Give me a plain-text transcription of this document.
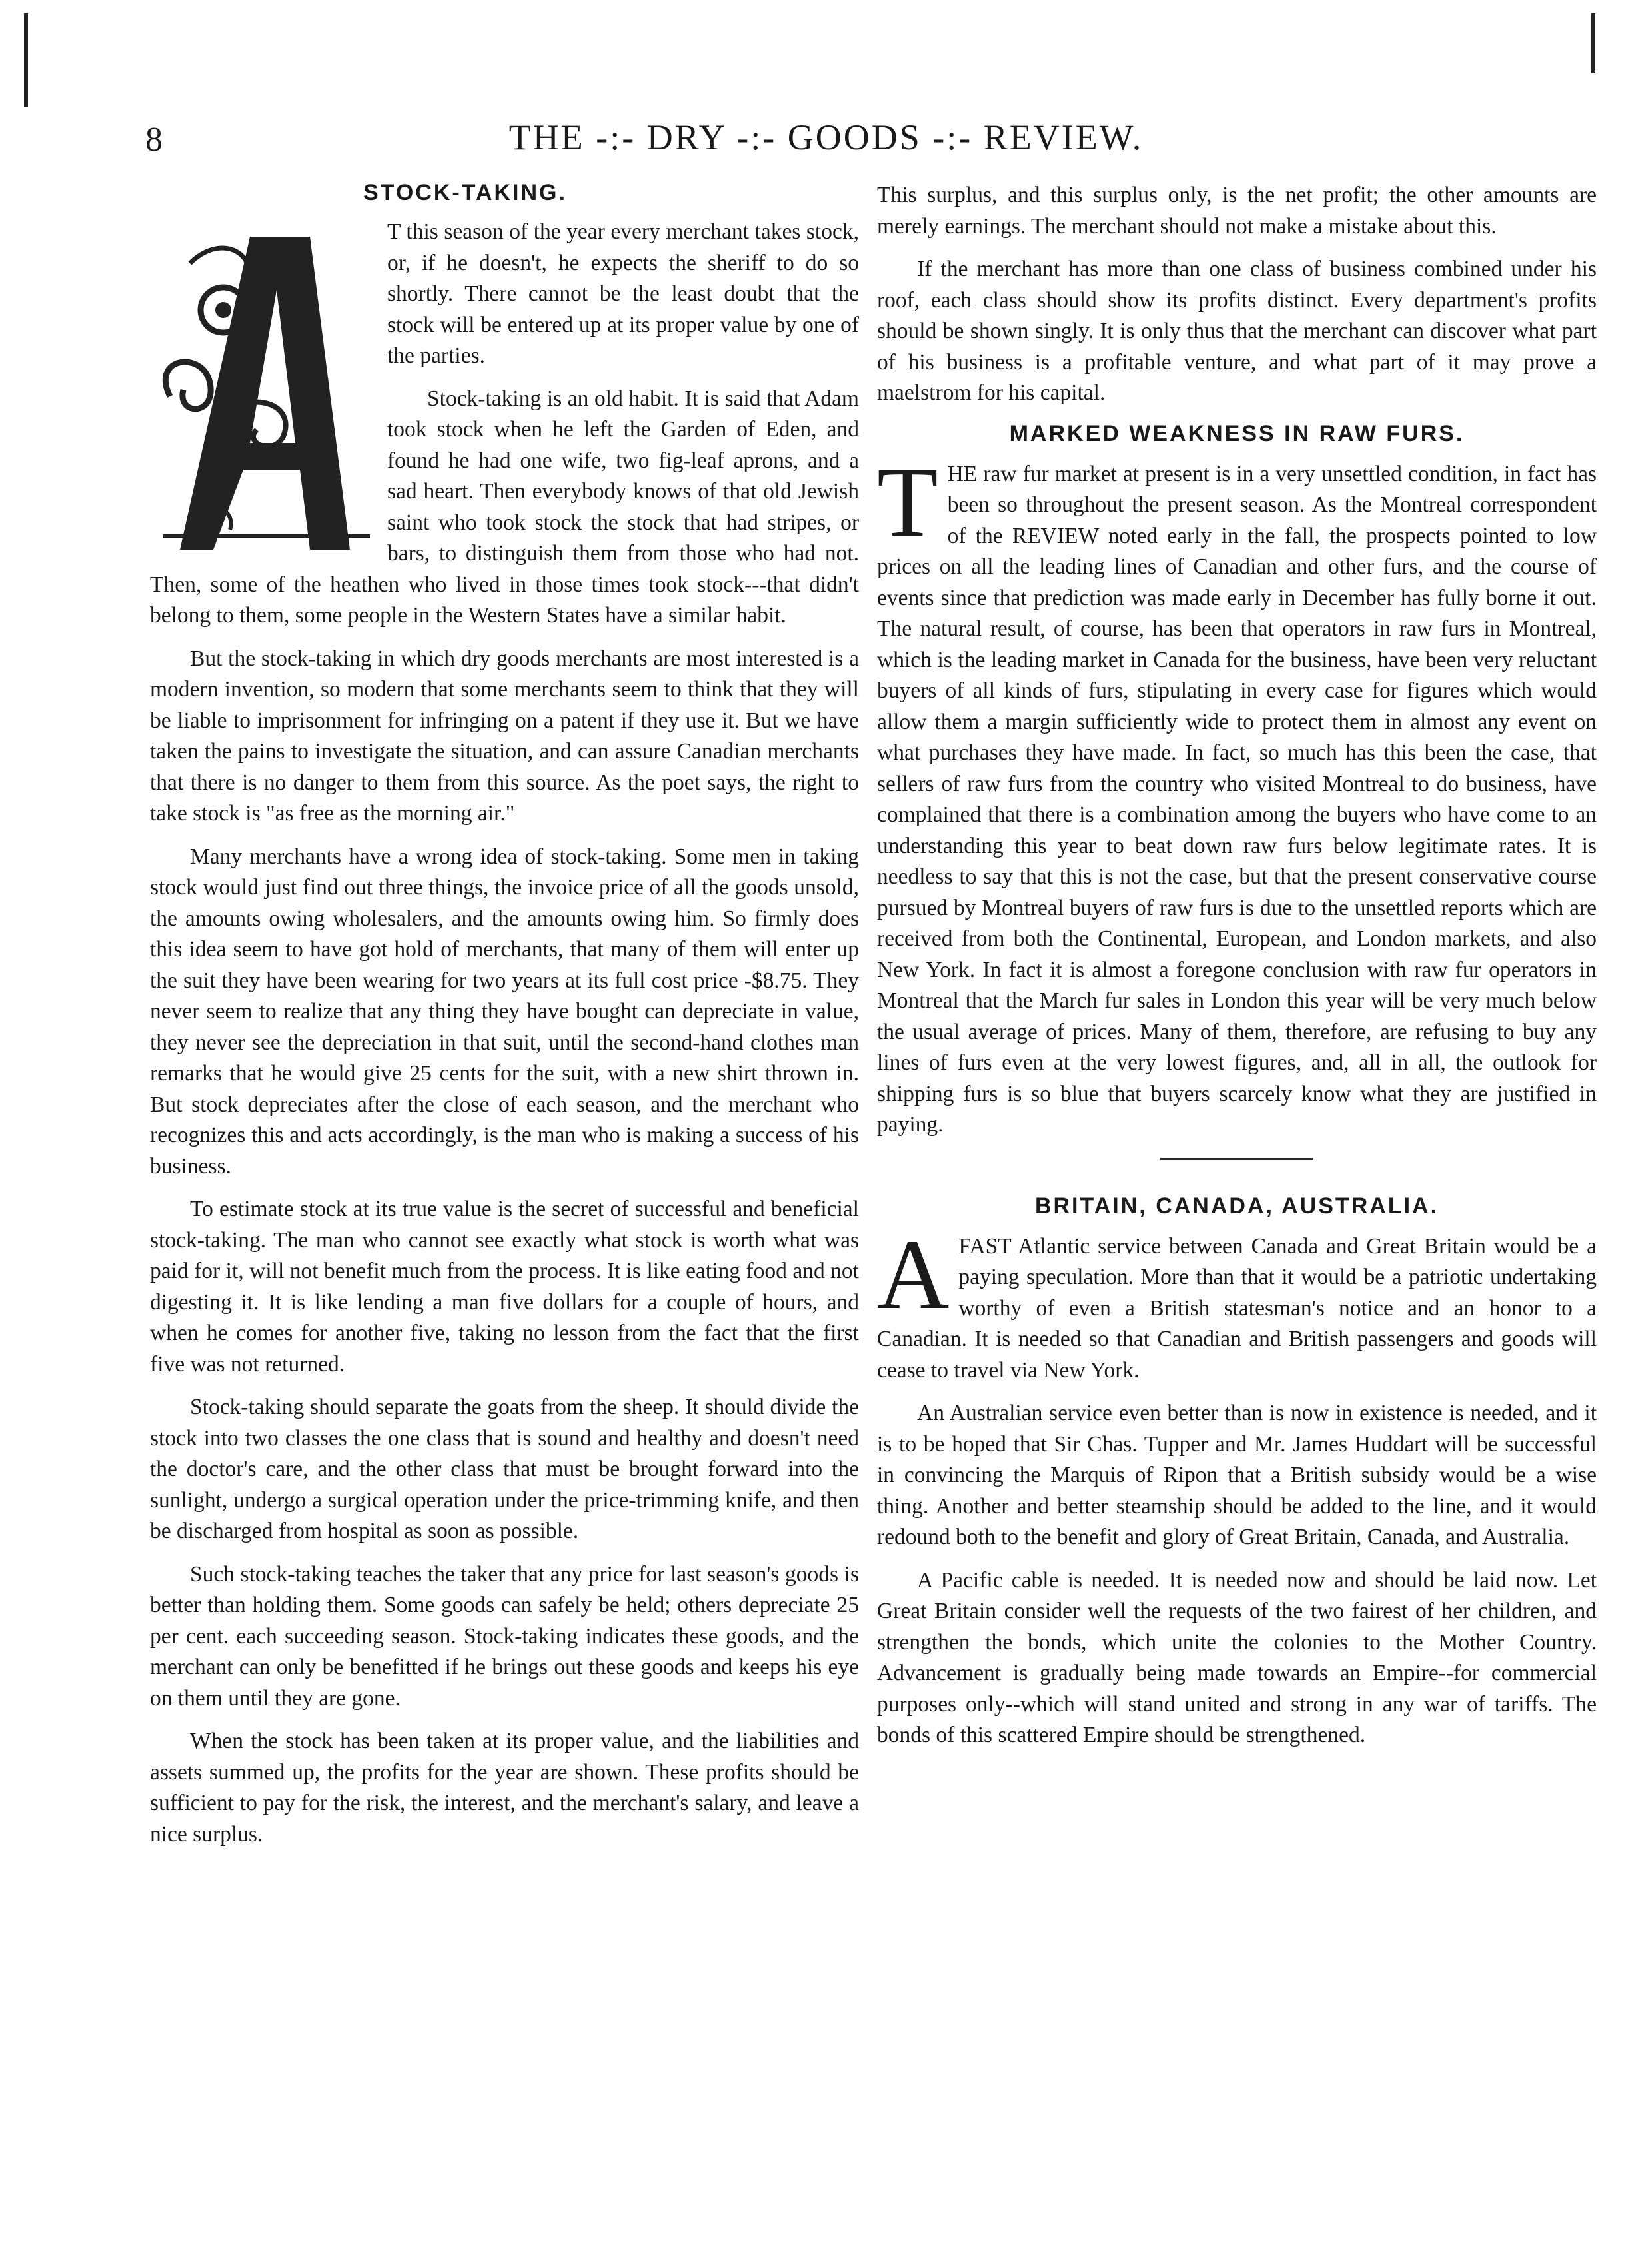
8	THE -:- DRY -:- GOODS -:- REVIEW.
STOCK-TAKING.

T this season of the year every merchant takes stock, or, if he doesn't, he expects the sheriff to do so shortly. There cannot be the least doubt that the stock will be entered up at its proper value by one of the parties.

Stock-taking is an old habit. It is said that Adam took stock when he left the Garden of Eden, and found he had one wife, two fig-leaf aprons, and a sad heart. Then everybody knows of that old Jewish saint who took stock the stock that had stripes, or bars, to distinguish them from those who had not. Then, some of the heathen who lived in those times took stock---that didn't belong to them, some people in the Western States have a similar habit.

But the stock-taking in which dry goods merchants are most interested is a modern invention, so modern that some merchants seem to think that they will be liable to imprisonment for infringing on a patent if they use it. But we have taken the pains to investigate the situation, and can assure Canadian merchants that there is no danger to them from this source. As the poet says, the right to take stock is "as free as the morning air."

Many merchants have a wrong idea of stock-taking. Some men in taking stock would just find out three things, the invoice price of all the goods unsold, the amounts owing wholesalers, and the amounts owing him. So firmly does this idea seem to have got hold of merchants, that many of them will enter up the suit they have been wearing for two years at its full cost price -$8.75. They never seem to realize that any thing they have bought can depreciate in value, they never see the depreciation in that suit, until the second-hand clothes man remarks that he would give 25 cents for the suit, with a new shirt thrown in. But stock depreciates after the close of each season, and the merchant who recognizes this and acts accordingly, is the man who is making a success of his business.

To estimate stock at its true value is the secret of successful and beneficial stock-taking. The man who cannot see exactly what stock is worth what was paid for it, will not benefit much from the process. It is like eating food and not digesting it. It is like lending a man five dollars for a couple of hours, and when he comes for another five, taking no lesson from the fact that the first five was not returned.

Stock-taking should separate the goats from the sheep. It should divide the stock into two classes the one class that is sound and healthy and doesn't need the doctor's care, and the other class that must be brought forward into the sunlight, undergo a surgical operation under the price-trimming knife, and then be discharged from hospital as soon as possible.

Such stock-taking teaches the taker that any price for last season's goods is better than holding them. Some goods can safely be held; others depreciate 25 per cent. each succeeding season. Stock-taking indicates these goods, and the merchant can only be benefitted if he brings out these goods and keeps his eye on them until they are gone.

When the stock has been taken at its proper value, and the liabilities and assets summed up, the profits for the year are shown. These profits should be sufficient to pay for the risk, the interest, and the merchant's salary, and leave a nice surplus.

This surplus, and this surplus only, is the net profit; the other amounts are merely earnings. The merchant should not make a mistake about this.

If the merchant has more than one class of business combined under his roof, each class should show its profits distinct. Every department's profits should be shown singly. It is only thus that the merchant can discover what part of his business is a profitable venture, and what part of it may prove a maelstrom for his capital.

MARKED WEAKNESS IN RAW FURS.

THE raw fur market at present is in a very unsettled condition, in fact has been so throughout the present season. As the Montreal correspondent of the REVIEW noted early in the fall, the prospects pointed to low prices on all the leading lines of Canadian and other furs, and the course of events since that prediction was made early in December has fully borne it out. The natural result, of course, has been that operators in raw furs in Montreal, which is the leading market in Canada for the business, have been very reluctant buyers of all kinds of furs, stipulating in every case for figures which would allow them a margin sufficiently wide to protect them in almost any event on what purchases they have made. In fact, so much has this been the case, that sellers of raw furs from the country who visited Montreal to do business, have complained that there is a combination among the buyers who have come to an understanding this year to beat down raw furs below legitimate rates. It is needless to say that this is not the case, but that the present conservative course pursued by Montreal buyers of raw furs is due to the unsettled reports which are received from both the Continental, European, and London markets, and also New York. In fact it is almost a foregone conclusion with raw fur operators in Montreal that the March fur sales in London this year will be very much below the usual average of prices. Many of them, therefore, are refusing to buy any lines of furs even at the very lowest figures, and, all in all, the outlook for shipping furs is so blue that buyers scarcely know what they are justified in paying.

BRITAIN, CANADA, AUSTRALIA.

AFAST Atlantic service between Canada and Great Britain would be a paying speculation. More than that it would be a patriotic undertaking worthy of even a British statesman's notice and an honor to a Canadian. It is needed so that Canadian and British passengers and goods will cease to travel via New York.

An Australian service even better than is now in existence is needed, and it is to be hoped that Sir Chas. Tupper and Mr. James Huddart will be successful in convincing the Marquis of Ripon that a British subsidy would be a wise thing. Another and better steamship should be added to the line, and it would redound both to the benefit and glory of Great Britain, Canada, and Australia.

A Pacific cable is needed. It is needed now and should be laid now. Let Great Britain consider well the requests of the two fairest of her children, and strengthen the bonds, which unite the colonies to the Mother Country. Advancement is gradually being made towards an Empire--for commercial purposes only--which will stand united and strong in any war of tariffs. The bonds of this scattered Empire should be strengthened.
